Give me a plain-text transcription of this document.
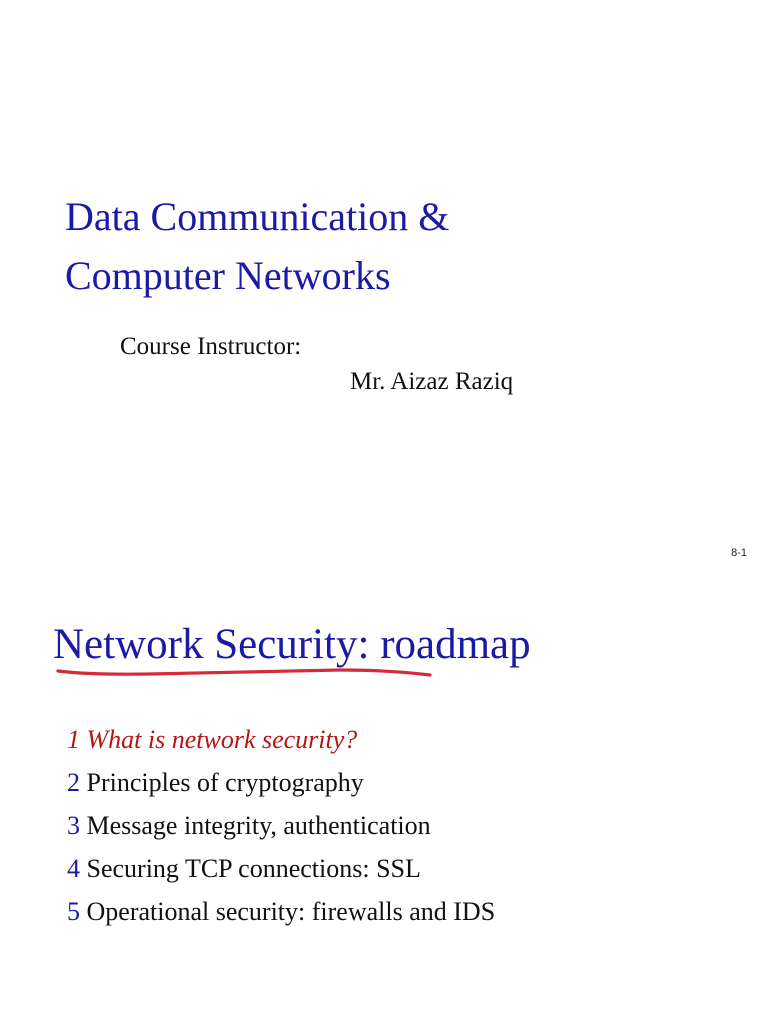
Data Communication &
Computer Networks
Course Instructor:
Mr. Aizaz Raziq
8-1
Network Security: roadmap
1 What is network security?
2 Principles of cryptography
3 Message integrity, authentication
4 Securing TCP connections: SSL
5 Operational security: firewalls and IDS
